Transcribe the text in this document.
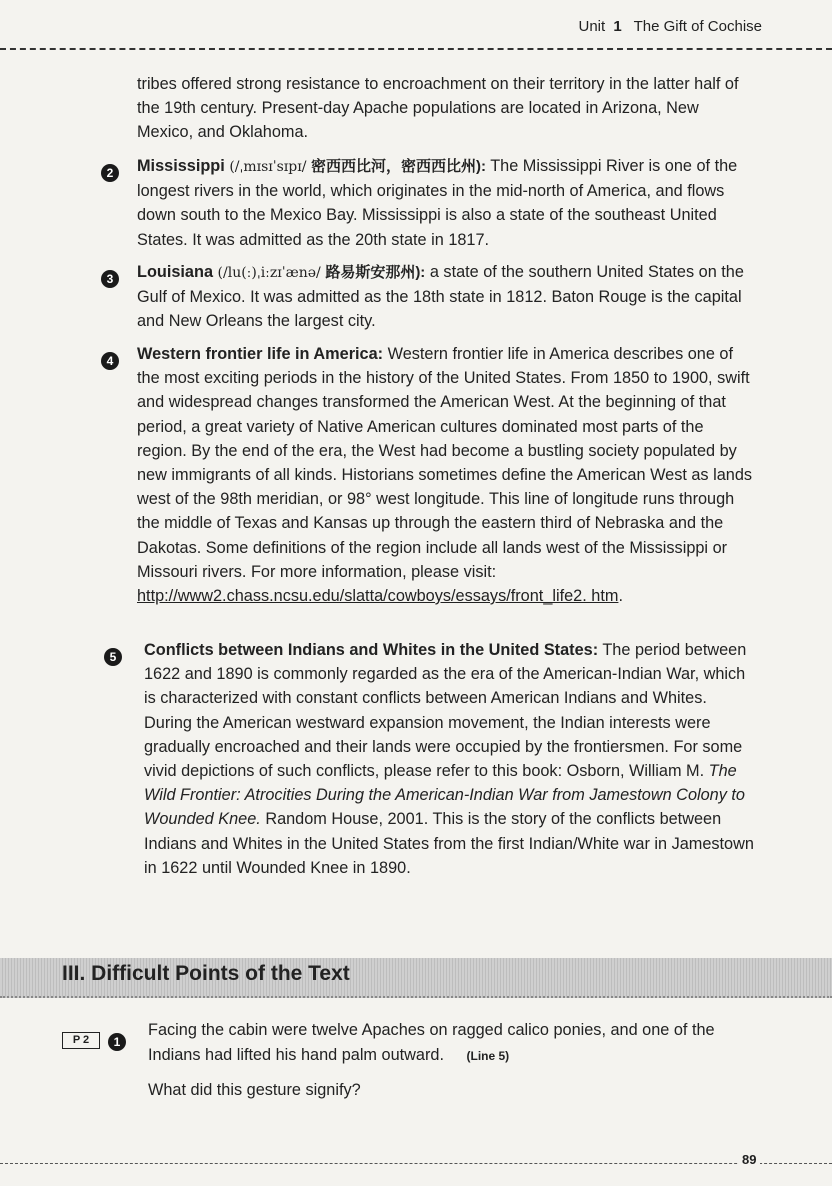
Unit 1 The Gift of Cochise
tribes offered strong resistance to encroachment on their territory in the latter half of the 19th century. Present-day Apache populations are located in Arizona, New Mexico, and Oklahoma.
2	Mississippi (/ˌmɪsɪˈsɪpɪ/ 密西西比河，密西西比州): The Mississippi River is one of the longest rivers in the world, which originates in the mid-north of America, and flows down south to the Mexico Bay. Mississippi is also a state of the southeast United States. It was admitted as the 20th state in 1817.
3	Louisiana (/lu(ː)ˌiːzɪˈænə/ 路易斯安那州): a state of the southern United States on the Gulf of Mexico. It was admitted as the 18th state in 1812. Baton Rouge is the capital and New Orleans the largest city.
4	Western frontier life in America: Western frontier life in America describes one of the most exciting periods in the history of the United States. From 1850 to 1900, swift and widespread changes transformed the American West. At the beginning of that period, a great variety of Native American cultures dominated most parts of the region. By the end of the era, the West had become a bustling society populated by new immigrants of all kinds. Historians sometimes define the American West as lands west of the 98th meridian, or 98° west longitude. This line of longitude runs through the middle of Texas and Kansas up through the eastern third of Nebraska and the Dakotas. Some definitions of the region include all lands west of the Mississippi or Missouri rivers. For more information, please visit: http://www2.chass.ncsu.edu/slatta/cowboys/essays/front_life2. htm.
5	Conflicts between Indians and Whites in the United States: The period between 1622 and 1890 is commonly regarded as the era of the American-Indian War, which is characterized with constant conflicts between American Indians and Whites. During the American westward expansion movement, the Indian interests were gradually encroached and their lands were occupied by the frontiersmen. For some vivid depictions of such conflicts, please refer to this book: Osborn, William M. The Wild Frontier: Atrocities During the American-Indian War from Jamestown Colony to Wounded Knee. Random House, 2001. This is the story of the conflicts between Indians and Whites in the United States from the first Indian/White war in Jamestown in 1622 until Wounded Knee in 1890.
III. Difficult Points of the Text
P 2	1
Facing the cabin were twelve Apaches on ragged calico ponies, and one of the Indians had lifted his hand palm outward. (Line 5)
What did this gesture signify?
89
